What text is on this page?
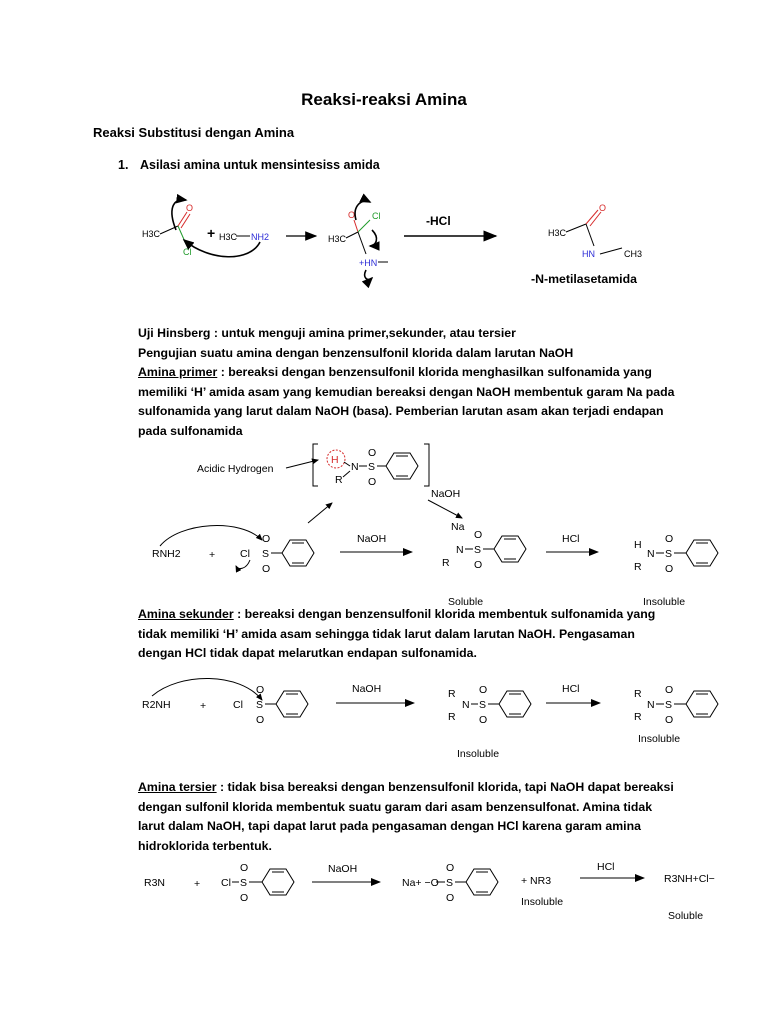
Reaksi-reaksi Amina
Reaksi Substitusi dengan Amina
1. Asilasi amina untuk mensintesiss amida
Uji Hinsberg : untuk menguji amina primer,sekunder, atau tersier
Pengujian suatu amina dengan benzensulfonil klorida dalam larutan NaOH
Amina primer : bereaksi dengan benzensulfonil klorida menghasilkan sulfonamida yang
memiliki ‘H’ amida asam yang kemudian bereaksi dengan NaOH membentuk garam Na pada
sulfonamida yang larut dalam NaOH (basa). Pemberian larutan asam akan terjadi endapan
pada sulfonamida
Amina sekunder : bereaksi dengan benzensulfonil klorida membentuk sulfonamida yang
tidak memiliki ‘H’ amida asam sehingga tidak larut dalam larutan NaOH. Pengasaman
dengan HCl tidak dapat melarutkan endapan sulfonamida.
Amina tersier : tidak bisa bereaksi dengan benzensulfonil klorida, tapi NaOH dapat bereaksi
dengan sulfonil klorida membentuk suatu garam dari asam benzensulfonat. Amina tidak
larut dalam NaOH, tapi dapat larut pada pengasaman dengan HCl karena garam amina
hidroklorida terbentuk.
H3C
O
Cl
+ H3C NH2	H3C
O Cl
+HN
-HCl
H3C
O
HN	CH3
-N-metilasetamida
Acidic Hydrogen
H
N
R
S
O
O
NaOH
RNH2	+ Cl S
O
O
NaOH
Na
N
R
S
O
O
Soluble
HCl	H
N
R
S
O
O
Insoluble
R2NH	+	Cl S
O
O
NaOH	R
N
R
S
O
O
Insoluble
HCl	R
N
R
S
O
O
Insoluble
R3N	+ Cl S
O
O
NaOH
Na+ −O S
O
O
+ NR3
Insoluble
HCl
R3NH+Cl−
Soluble
